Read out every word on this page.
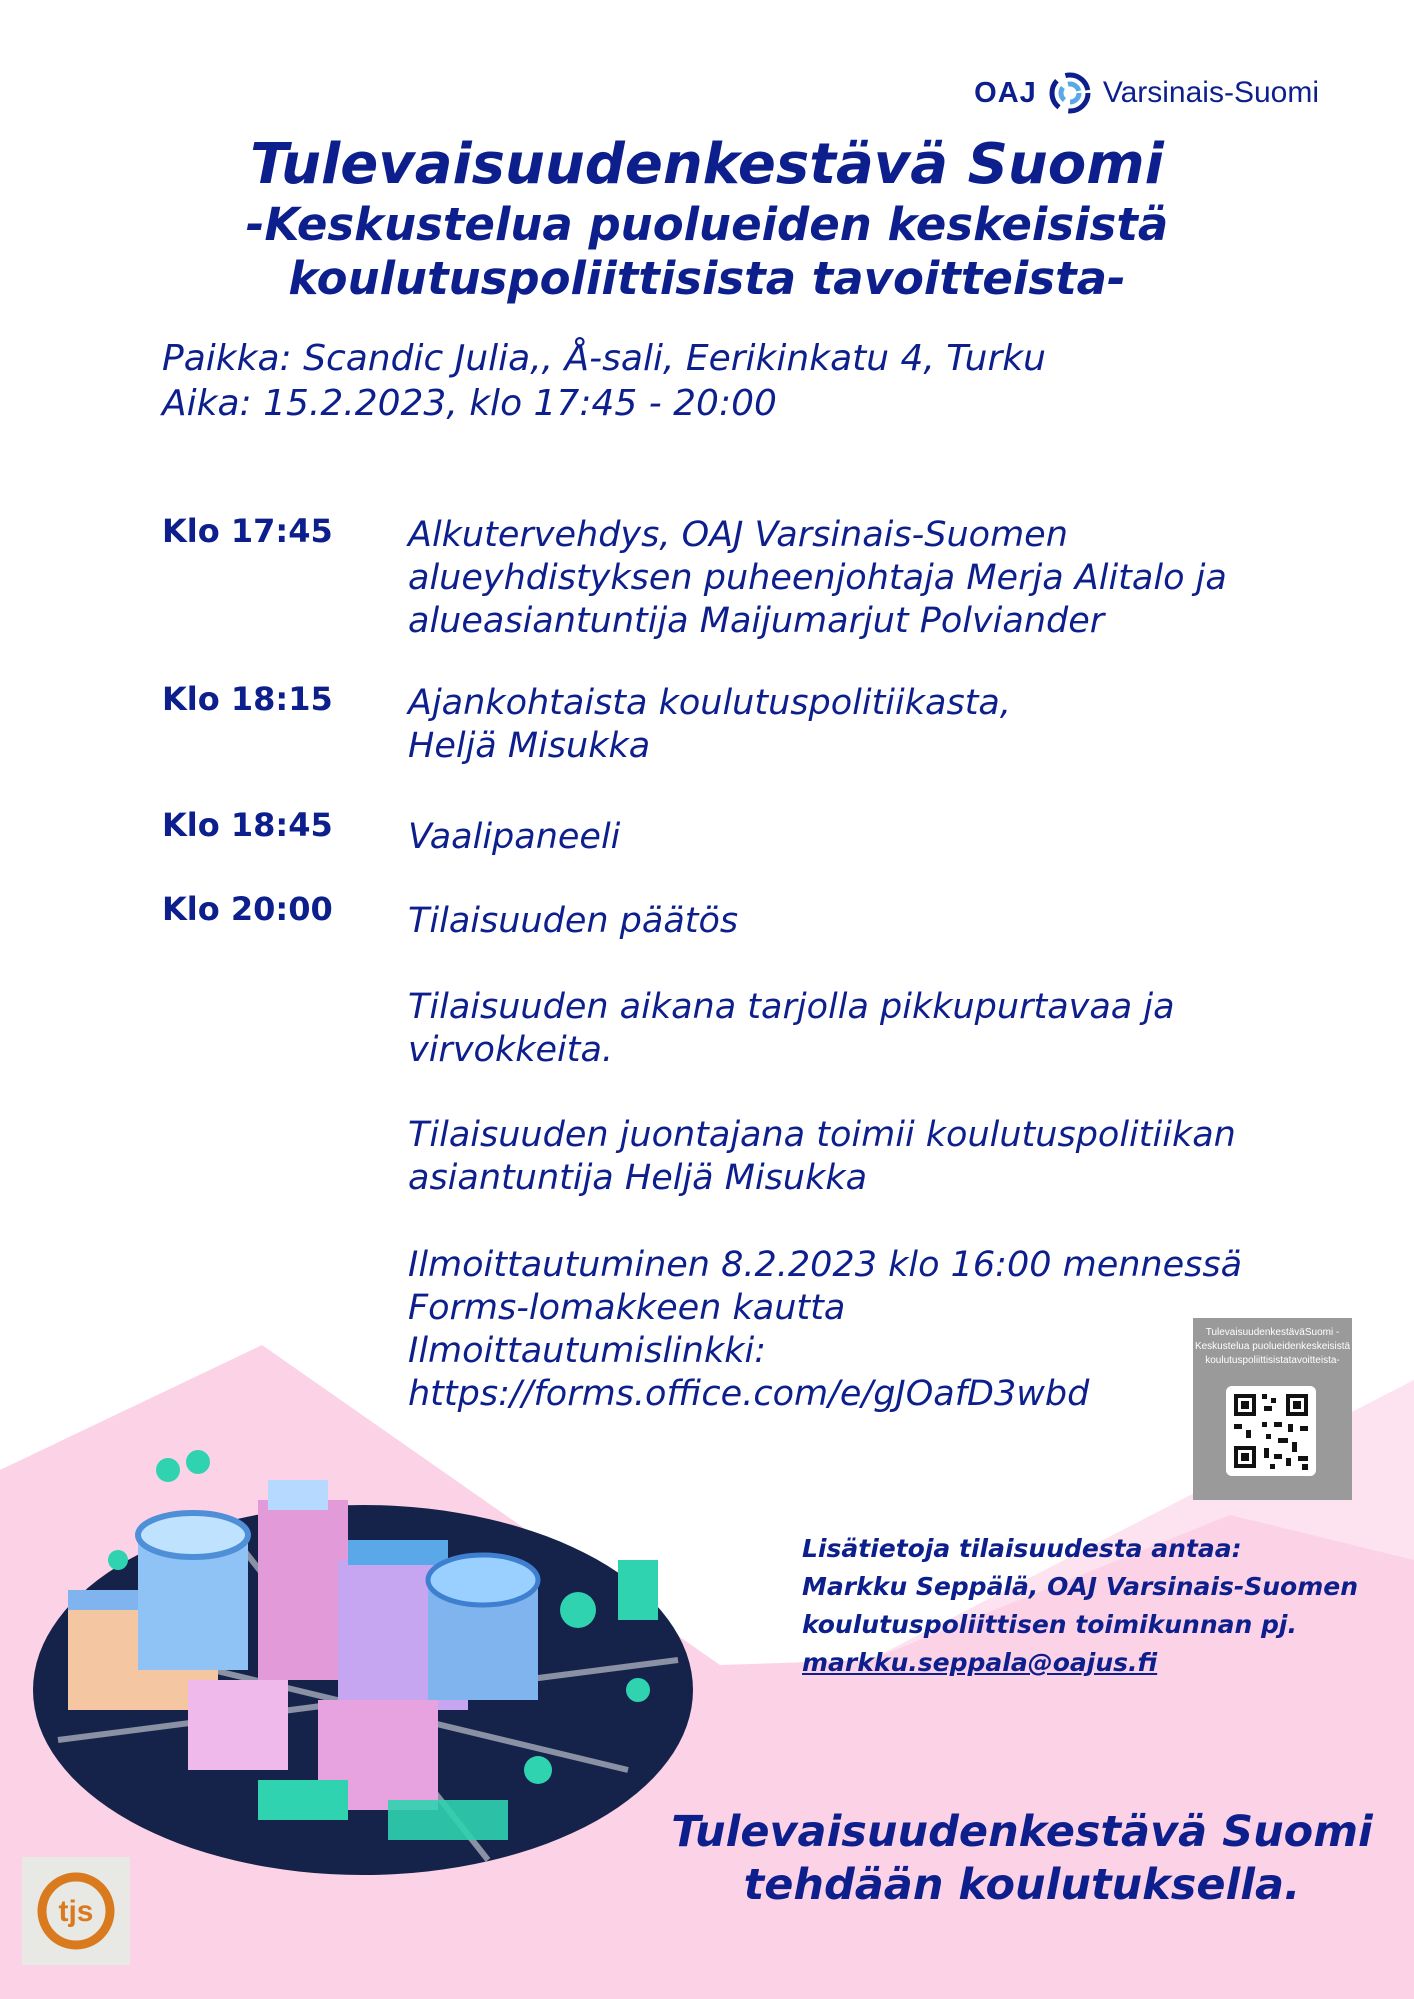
OAJ Varsinais-Suomi
Tulevaisuudenkestävä Suomi
-Keskustelua puolueiden keskeisistä
koulutuspoliittisista tavoitteista-
Paikka: Scandic Julia,, Å-sali, Eerikinkatu 4, Turku
Aika: 15.2.2023, klo 17:45 - 20:00
Klo 17:45 Alkutervehdys, OAJ Varsinais-Suomen
alueyhdistyksen puheenjohtaja Merja Alitalo ja
alueasiantuntija Maijumarjut Polviander
Klo 18:15 Ajankohtaista koulutuspolitiikasta,
Heljä Misukka
Klo 18:45 Vaalipaneeli
Klo 20:00 Tilaisuuden päätös
Tilaisuuden aikana tarjolla pikkupurtavaa ja
virvokkeita.
Tilaisuuden juontajana toimii koulutuspolitiikan
asiantuntija Heljä Misukka
Ilmoittautuminen 8.2.2023 klo 16:00 mennessä
Forms-lomakkeen kautta
Ilmoittautumislinkki:
https://forms.office.com/e/gJOafD3wbd
TulevaisuudenkestäväSuomi -
Keskustelua puolueidenkeskeisistä
koulutuspoliittisistatavoitteista-
Lisätietoja tilaisuudesta antaa:
Markku Seppälä, OAJ Varsinais-Suomen
koulutuspoliittisen toimikunnan pj.
markku.seppala@oajus.fi
Tulevaisuudenkestävä Suomi
tehdään koulutuksella.
tjs
